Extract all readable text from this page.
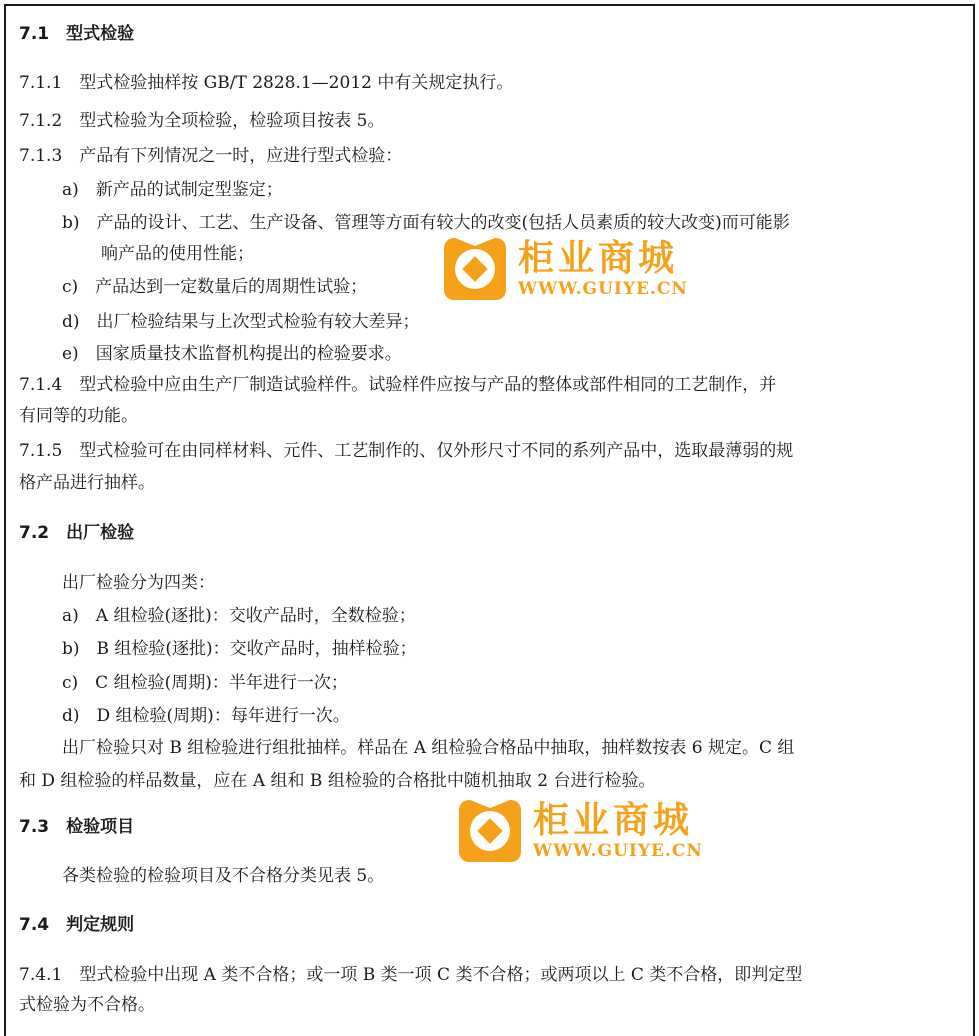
7.1　型式检验
7.1.1　型式检验抽样按 GB/T 2828.1—2012 中有关规定执行。
7.1.2　型式检验为全项检验，检验项目按表 5。
7.1.3　产品有下列情况之一时，应进行型式检验：
a)　新产品的试制定型鉴定；
b)　产品的设计、工艺、生产设备、管理等方面有较大的改变(包括人员素质的较大改变)而可能影
响产品的使用性能；
c)　产品达到一定数量后的周期性试验；
d)　出厂检验结果与上次型式检验有较大差异；
e)　国家质量技术监督机构提出的检验要求。
7.1.4　型式检验中应由生产厂制造试验样件。试验样件应按与产品的整体或部件相同的工艺制作，并
有同等的功能。
7.1.5　型式检验可在由同样材料、元件、工艺制作的、仅外形尺寸不同的系列产品中，选取最薄弱的规
格产品进行抽样。
7.2　出厂检验
出厂检验分为四类：
a)　A 组检验(逐批)：交收产品时，全数检验；
b)　B 组检验(逐批)：交收产品时，抽样检验；
c)　C 组检验(周期)：半年进行一次；
d)　D 组检验(周期)：每年进行一次。
出厂检验只对 B 组检验进行组批抽样。样品在 A 组检验合格品中抽取，抽样数按表 6 规定。C 组
和 D 组检验的样品数量，应在 A 组和 B 组检验的合格批中随机抽取 2 台进行检验。
7.3　检验项目
各类检验的检验项目及不合格分类见表 5。
7.4　判定规则
7.4.1　型式检验中出现 A 类不合格；或一项 B 类一项 C 类不合格；或两项以上 C 类不合格，即判定型
式检验为不合格。
柜业商城
WWW.GUIYE.CN
柜业商城
WWW.GUIYE.CN
